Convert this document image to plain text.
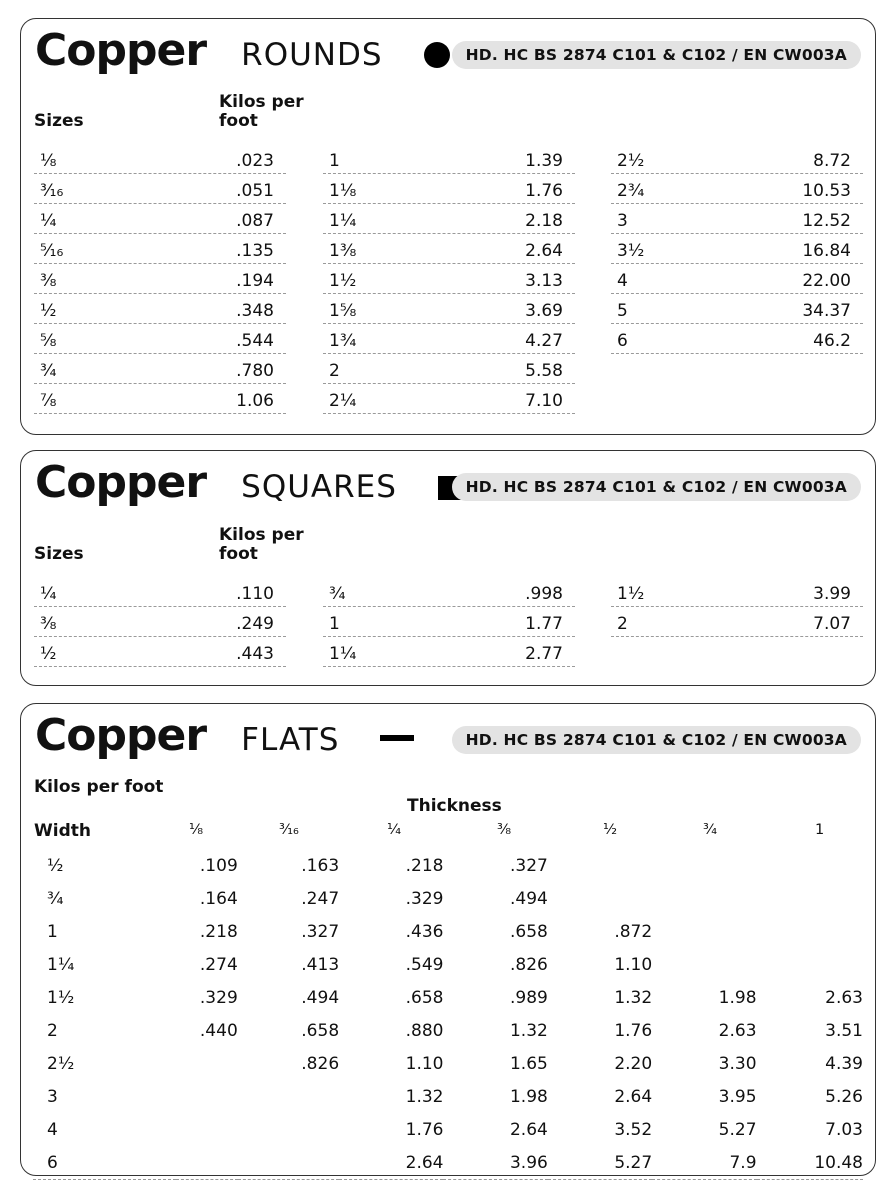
Copper ROUNDS	HD. HC BS 2874 C101 & C102 / EN CW003A
Sizes
Kilos per foot
¹⁄₈	.023
³⁄₁₆	.051
¹⁄₄	.087
⁵⁄₁₆	.135
³⁄₈	.194
¹⁄₂	.348
⁵⁄₈	.544
³⁄₄	.780
⁷⁄₈	1.06
1	1.39
1¹⁄₈	1.76
1¹⁄₄	2.18
1³⁄₈	2.64
1¹⁄₂	3.13
1⁵⁄₈	3.69
1³⁄₄	4.27
2	5.58
2¹⁄₄	7.10
2¹⁄₂	8.72
2³⁄₄	10.53
3	12.52
3¹⁄₂	16.84
4	22.00
5	34.37
6	46.2
Copper SQUARES	HD. HC BS 2874 C101 & C102 / EN CW003A
Sizes
Kilos per foot
¹⁄₄	.110
³⁄₈	.249
¹⁄₂	.443
³⁄₄	.998
1	1.77
1¹⁄₄	2.77
1¹⁄₂	3.99
2	7.07
Copper FLATS	HD. HC BS 2874 C101 & C102 / EN CW003A
Kilos per foot
Thickness
Width	¹⁄₈	³⁄₁₆	¹⁄₄	³⁄₈	¹⁄₂	³⁄₄	1
¹⁄₂	.109	.163	.218	.327			
³⁄₄	.164	.247	.329	.494			
1	.218	.327	.436	.658	.872		
1¹⁄₄	.274	.413	.549	.826	1.10		
1¹⁄₂	.329	.494	.658	.989	1.32	1.98	2.63
2	.440	.658	.880	1.32	1.76	2.63	3.51
2¹⁄₂		.826	1.10	1.65	2.20	3.30	4.39
3			1.32	1.98	2.64	3.95	5.26
4			1.76	2.64	3.52	5.27	7.03
6			2.64	3.96	5.27	7.9	10.48
